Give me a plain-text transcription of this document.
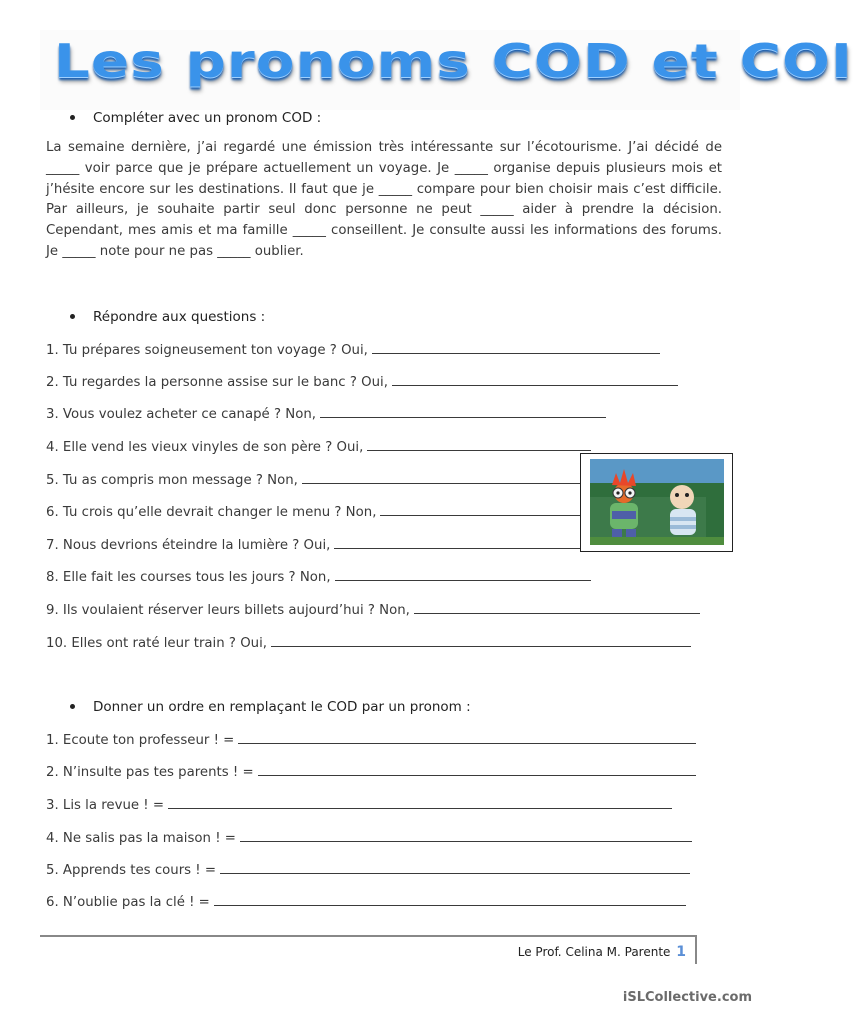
Les pronoms COD et COI
Compléter avec un pronom COD :
La semaine dernière, j’ai regardé une émission très intéressante sur l’écotourisme. J’ai décidé de _____ voir parce que je prépare actuellement un voyage. Je _____ organise depuis plusieurs mois et j’hésite encore sur les destinations. Il faut que je _____ compare pour bien choisir mais c’est difficile. Par ailleurs, je souhaite partir seul donc personne ne peut _____ aider à prendre la décision. Cependant, mes amis et ma famille _____ conseillent. Je consulte aussi les informations des forums. Je _____ note pour ne pas _____ oublier.
Répondre aux questions :
1. Tu prépares soigneusement ton voyage ? Oui,
2. Tu regardes la personne assise sur le banc ? Oui,
3. Vous voulez acheter ce canapé ? Non,
4. Elle vend les vieux vinyles de son père ? Oui,
5. Tu as compris mon message ? Non,
6. Tu crois qu’elle devrait changer le menu ? Non,
7. Nous devrions éteindre la lumière ? Oui,
8. Elle fait les courses tous les jours ? Non,
9. Ils voulaient réserver leurs billets aujourd’hui ? Non,
10. Elles ont raté leur train ? Oui,
Donner un ordre en remplaçant le COD par un pronom :
1. Ecoute ton professeur ! =
2. N’insulte pas tes parents ! =
3. Lis la revue ! =
4. Ne salis pas la maison ! =
5. Apprends tes cours ! =
6. N’oublie pas la clé ! =
Le Prof. Celina M. Parente 1
iSLCollective.com
